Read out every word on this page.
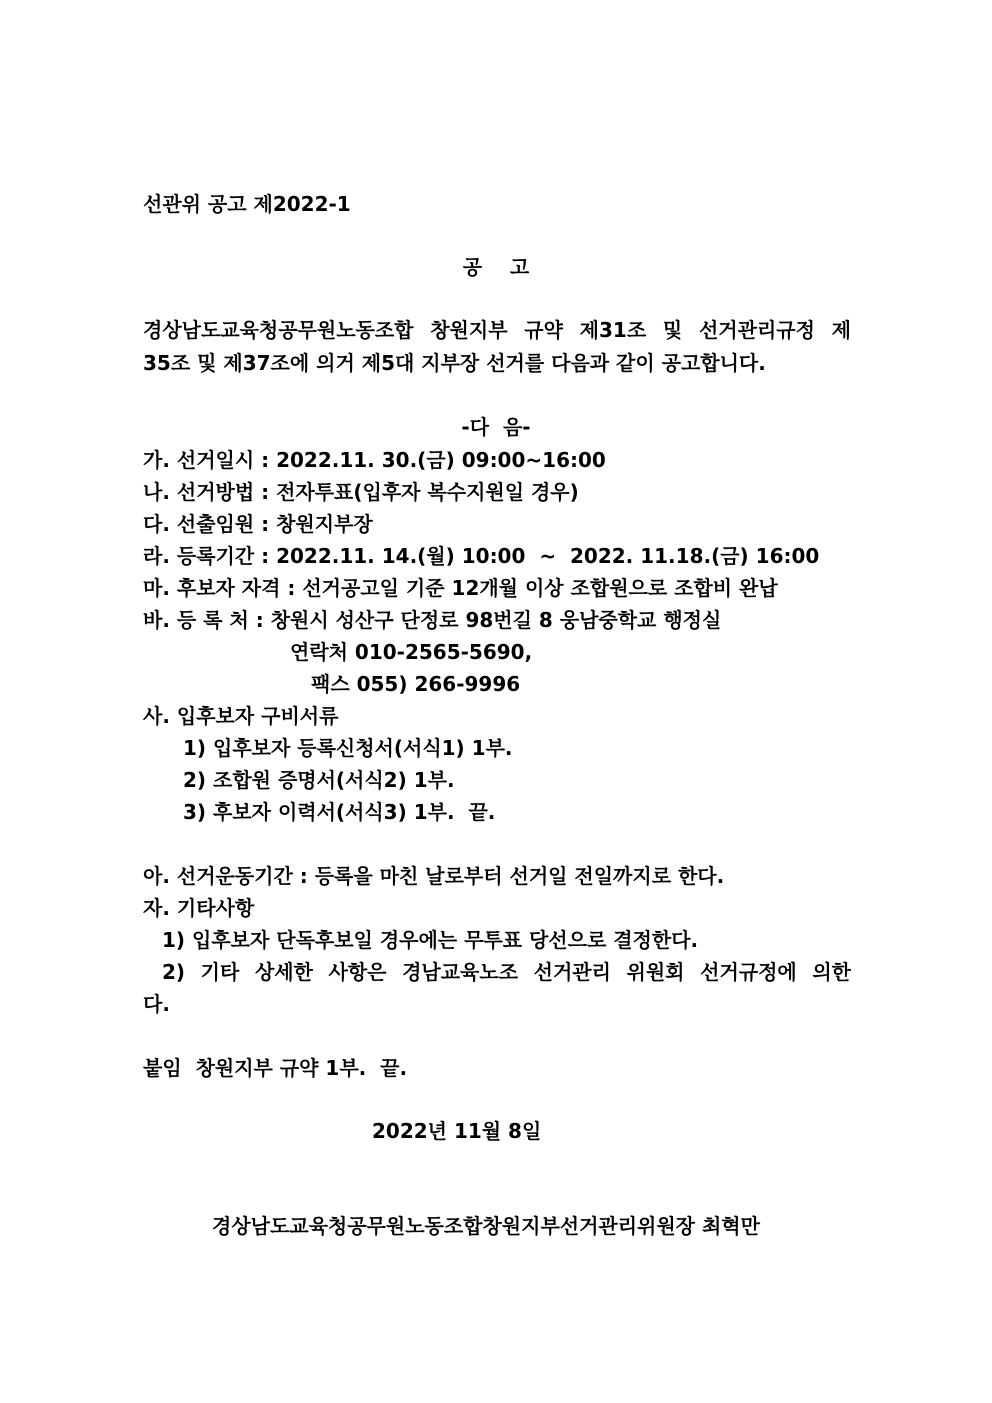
선관위 공고 제2022-1
공    고
경상남도교육청공무원노동조합 창원지부 규약 제31조 및 선거관리규정 제
35조 및 제37조에 의거 제5대 지부장 선거를 다음과 같이 공고합니다.
-다  음-
가. 선거일시 : 2022.11. 30.(금) 09:00~16:00
나. 선거방법 : 전자투표(입후자 복수지원일 경우)
다. 선출임원 : 창원지부장
라. 등록기간 : 2022.11. 14.(월) 10:00  ~  2022. 11.18.(금) 16:00
마. 후보자 자격 : 선거공고일 기준 12개월 이상 조합원으로 조합비 완납
바. 등 록 처 : 창원시 성산구 단정로 98번길 8 웅남중학교 행정실
연락처 010-2565-5690,
팩스 055) 266-9996
사. 입후보자 구비서류
1) 입후보자 등록신청서(서식1) 1부.
2) 조합원 증명서(서식2) 1부.
3) 후보자 이력서(서식3) 1부.  끝.
아. 선거운동기간 : 등록을 마친 날로부터 선거일 전일까지로 한다.
자. 기타사항
1) 입후보자 단독후보일 경우에는 무투표 당선으로 결정한다.
2) 기타 상세한 사항은 경남교육노조 선거관리 위원회 선거규정에 의한
다.
붙임  창원지부 규약 1부.  끝.
2022년 11월 8일
경상남도교육청공무원노동조합창원지부선거관리위원장 최혁만
